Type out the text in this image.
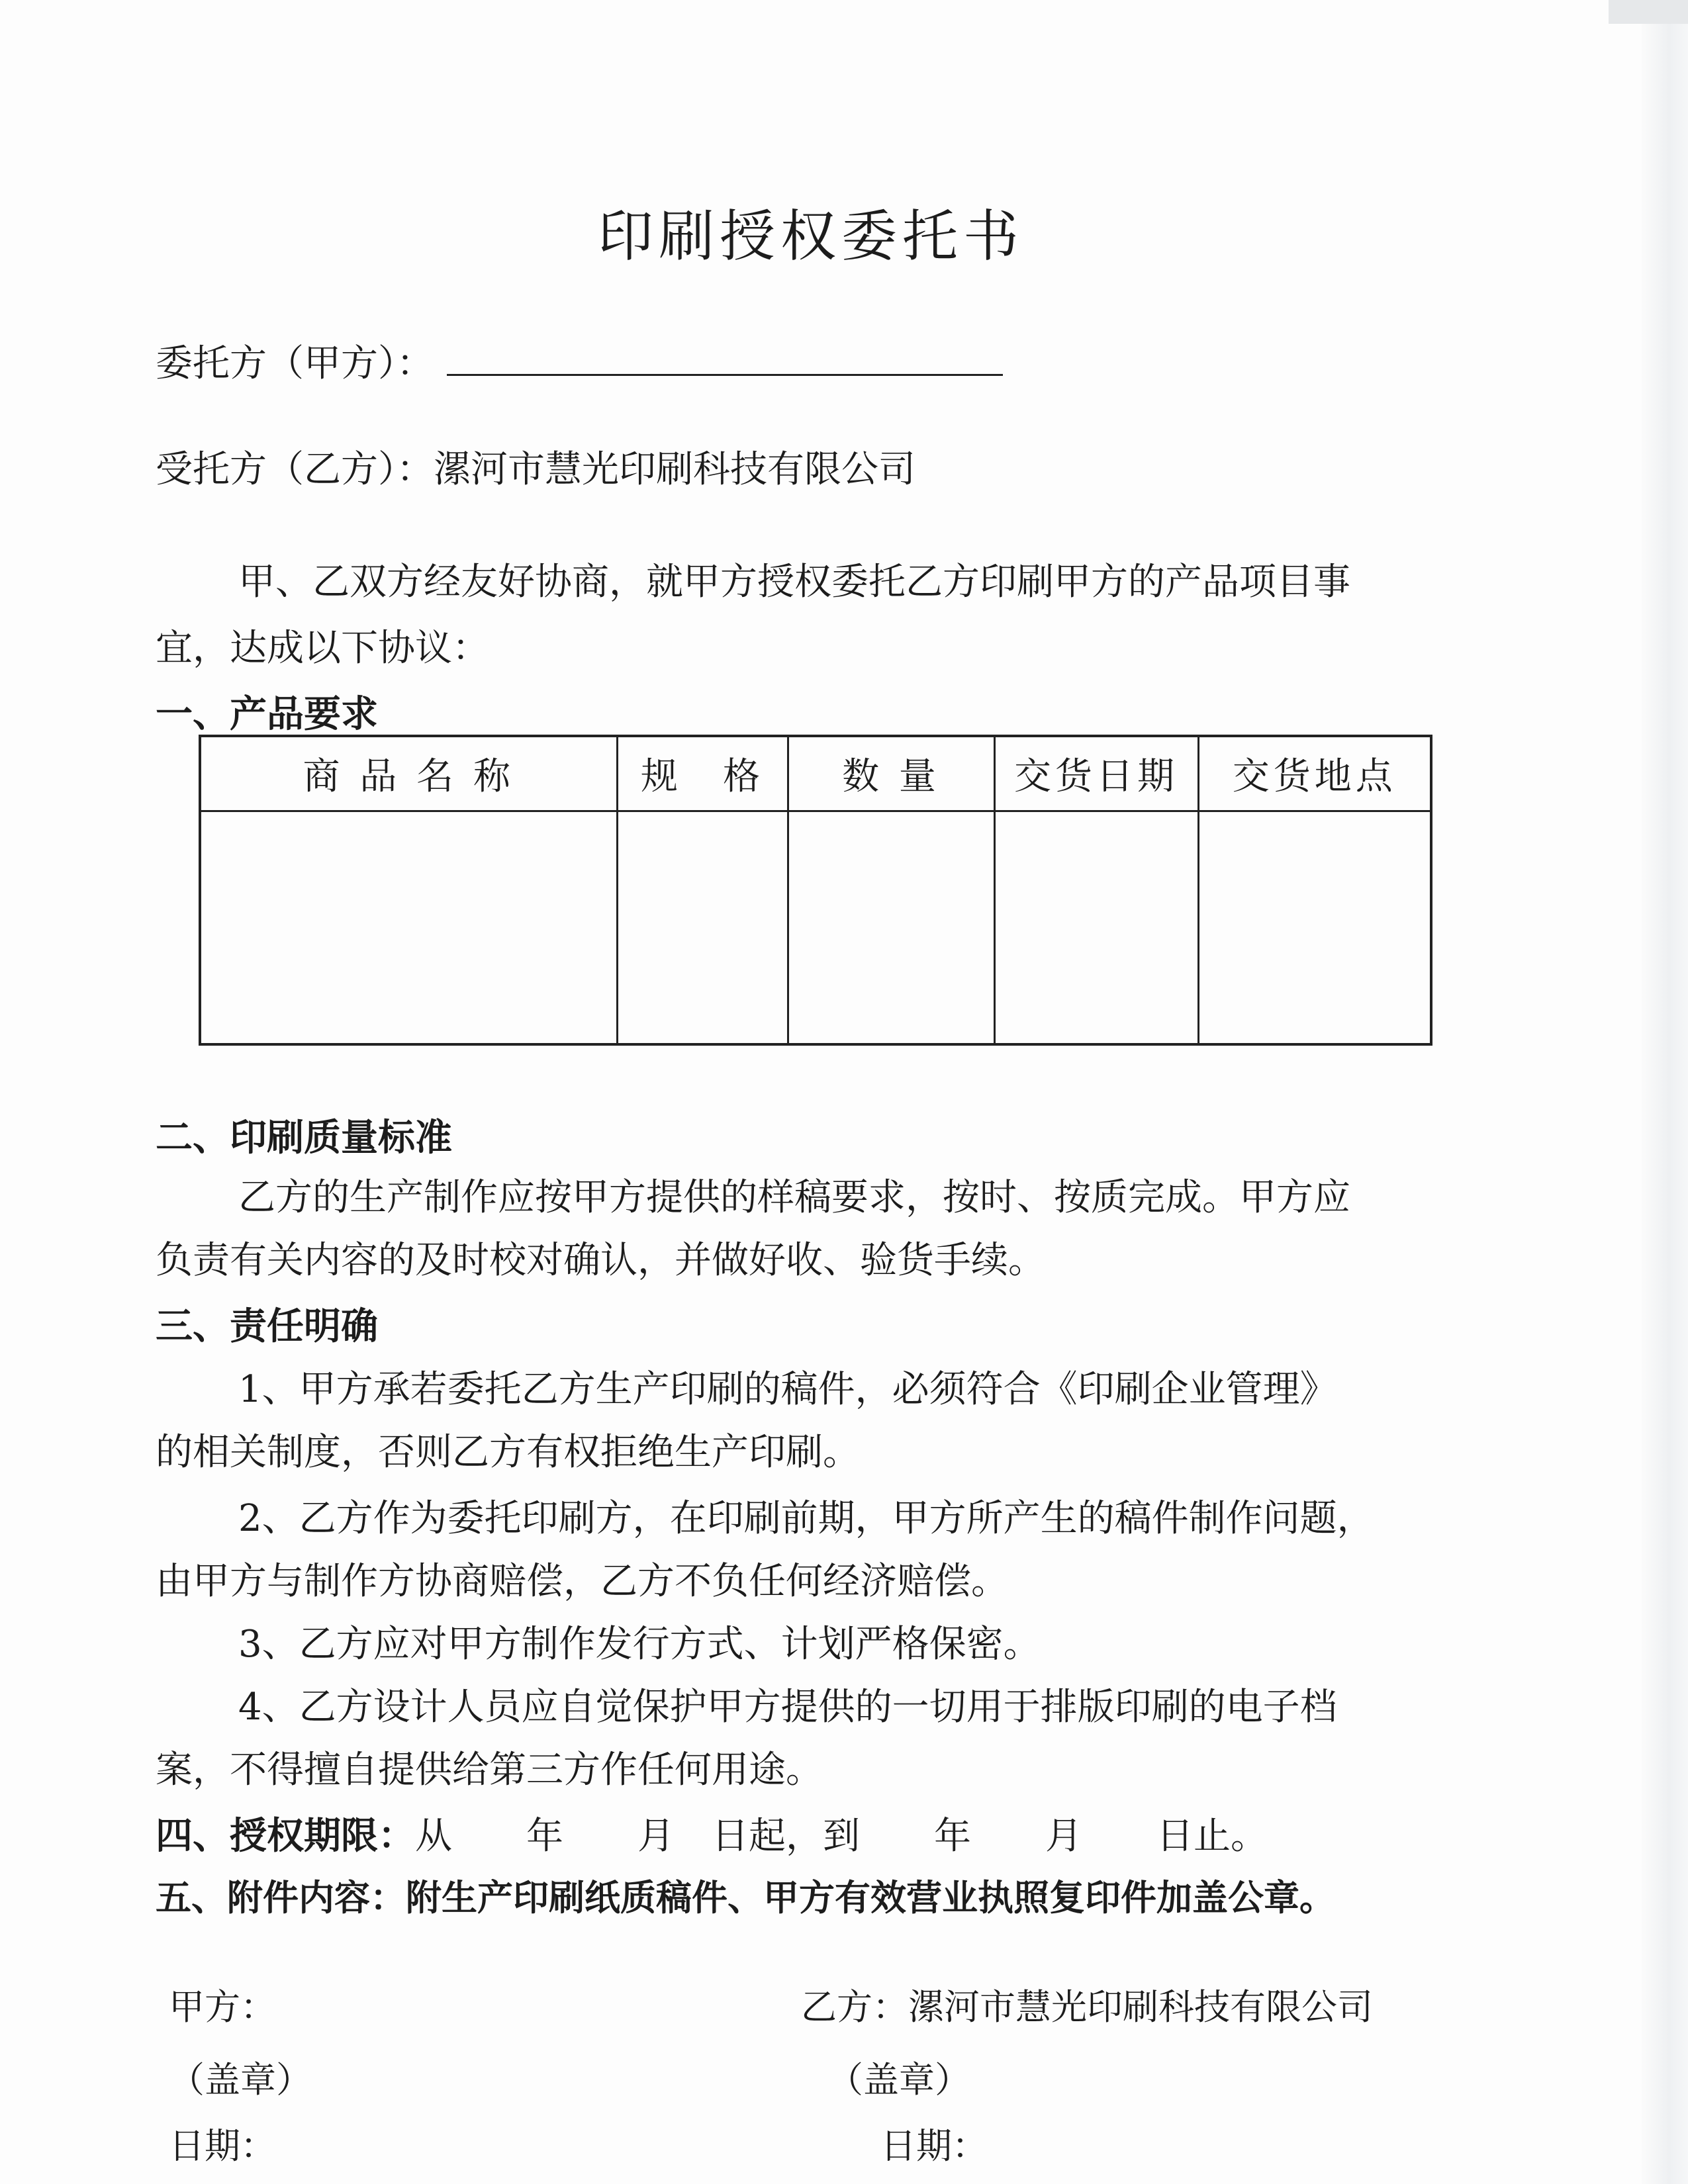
印刷授权委托书
委托方（甲方）：
受托方（乙方）：漯河市慧光印刷科技有限公司
甲、乙双方经友好协商，就甲方授权委托乙方印刷甲方的产品项目事
宜，达成以下协议：
一、产品要求
商 品 名 称	规　格	数 量	交货日期	交货地点

二、印刷质量标准
乙方的生产制作应按甲方提供的样稿要求，按时、按质完成。甲方应
负责有关内容的及时校对确认，并做好收、验货手续。
三、责任明确
1、甲方承若委托乙方生产印刷的稿件，必须符合《印刷企业管理》
的相关制度，否则乙方有权拒绝生产印刷。
2、乙方作为委托印刷方，在印刷前期，甲方所产生的稿件制作问题，
由甲方与制作方协商赔偿，乙方不负任何经济赔偿。
3、乙方应对甲方制作发行方式、计划严格保密。
4、乙方设计人员应自觉保护甲方提供的一切用于排版印刷的电子档
案，不得擅自提供给第三方作任何用途。
四、授权期限：从　　年　　月　日起，到　　年　　月　　日止。
五、附件内容：附生产印刷纸质稿件、甲方有效营业执照复印件加盖公章。
甲方：	乙方：漯河市慧光印刷科技有限公司
（盖章）	（盖章）
日期：	日期：
